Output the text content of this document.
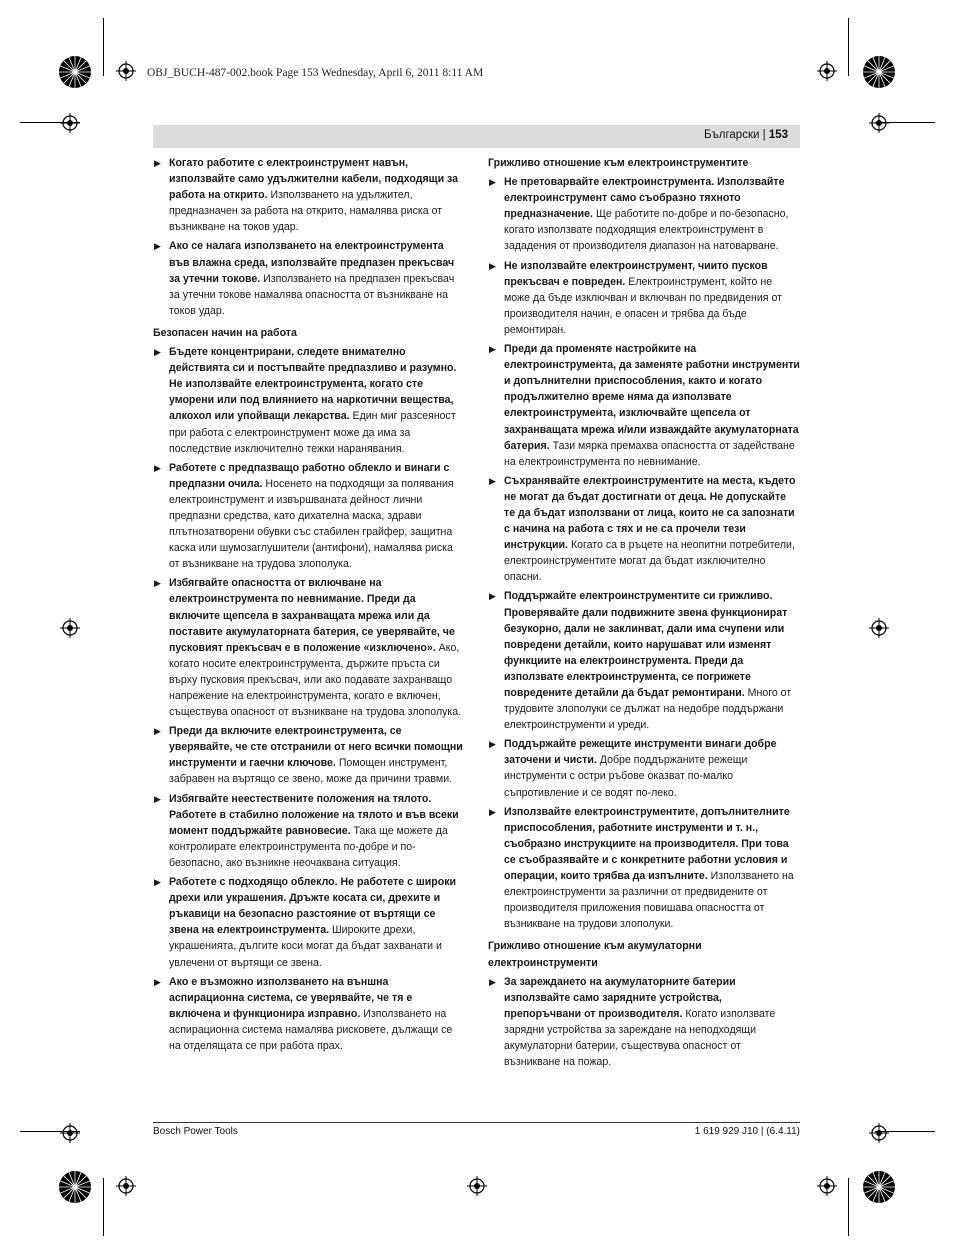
OBJ_BUCH-487-002.book Page 153 Wednesday, April 6, 2011 8:11 AM
Български | 153
▶ Когато работите с електроинструмент навън, използвайте само удължителни кабели, подходящи за работа на открито. Използването на удължител, предназначен за работа на открито, намалява риска от възникване на токов удар.
▶ Ако се налага използването на електроинструмента във влажна среда, използвайте предпазен прекъсвач за утечни токове. Използването на предпазен прекъсвач за утечни токове намалява опасността от възникване на токов удар.
Безопасен начин на работа
▶ Бъдете концентрирани, следете внимателно действията си и постъпвайте предпазливо и разумно. Не използвайте електроинструмента, когато сте уморени или под влиянието на наркотични вещества, алкохол или упойващи лекарства. Един миг разсеяност при работа с електроинструмент може да има за последствие изключително тежки наранявания.
▶ Работете с предпазващо работно облекло и винаги с предпазни очила. Носенето на подходящи за полявания електроинструмент и извършваната дейност лични предпазни средства, като дихателна маска, здрави плътнозатворени обувки със стабилен грайфер, защитна каска или шумозаглушители (антифони), намалява риска от възникване на трудова злополука.
▶ Избягвайте опасността от включване на електроинструмента по невнимание. Преди да включите щепсела в захранващата мрежа или да поставите акумулаторната батерия, се уверявайте, че пусковият прекъсвач е в положение «изключено». Ако, когато носите електроинструмента, държите пръста си върху пусковия прекъсвач, или ако подавате захранващо напрежение на електроинструмента, когато е включен, съществува опасност от възникване на трудова злополука.
▶ Преди да включите електроинструмента, се уверявайте, че сте отстранили от него всички помощни инструменти и гаечни ключове. Помощен инструмент, забравен на въртящо се звено, може да причини травми.
▶ Избягвайте неестествените положения на тялото. Работете в стабилно положение на тялото и във всеки момент поддържайте равновесие. Така ще можете да контролирате електроинструмента по-добре и по-безопасно, ако възникне неочаквана ситуация.
▶ Работете с подходящо облекло. Не работете с широки дрехи или украшения. Дръжте косата си, дрехите и ръкавици на безопасно разстояние от въртящи се звена на електроинструмента. Широките дрехи, украшенията, дългите коси могат да бъдат захванати и увлечени от въртящи се звена.
▶ Ако е възможно използването на външна аспирационна система, се уверявайте, че тя е включена и функционира изправно. Използването на аспирационна система намалява рисковете, дължащи се на отделящата се при работа прах.
Грижливо отношение към електроинструментите
▶ Не претоварвайте електроинструмента. Използвайте електроинструмент само съобразно тяхното предназначение. Ще работите по-добре и по-безопасно, когато използвате подходящия електроинструмент в зададения от производителя диапазон на натоварване.
▶ Не използвайте електроинструмент, чиито пусков прекъсвач е повреден. Електроинструмент, който не може да бъде изключван и включван по предвидения от производителя начин, е опасен и трябва да бъде ремонтиран.
▶ Преди да променяте настройките на електроинструмента, да заменяте работни инструменти и допълнителни приспособления, както и когато продължително време няма да използвате електроинструмента, изключвайте щепсела от захранващата мрежа и/или изваждайте акумулаторната батерия. Тази мярка премахва опасността от задействане на електроинструмента по невнимание.
▶ Съхранявайте електроинструментите на места, където не могат да бъдат достигнати от деца. Не допускайте те да бъдат използвани от лица, които не са запознати с начина на работа с тях и не са прочели тези инструкции. Когато са в ръцете на неопитни потребители, електроинструментите могат да бъдат изключително опасни.
▶ Поддържайте електроинструментите си грижливо. Проверявайте дали подвижните звена функционират безукорно, дали не заклинват, дали има счупени или повредени детайли, които нарушават или изменят функциите на електроинструмента. Преди да използвате електроинструмента, се погрижете повредените детайли да бъдат ремонтирани. Много от трудовите злополуки се дължат на недобре поддържани електроинструменти и уреди.
▶ Поддържайте режещите инструменти винаги добре заточени и чисти. Добре поддържаните режещи инструменти с остри ръбове оказват по-малко съпротивление и се водят по-леко.
▶ Използвайте електроинструментите, допълнителните приспособления, работните инструменти и т. н., съобразно инструкциите на производителя. При това се съобразявайте и с конкретните работни условия и операции, които трябва да изпълните. Използването на електроинструменти за различни от предвидените от производителя приложения повишава опасността от възникване на трудови злополуки.
Грижливо отношение към акумулаторни електроинструменти
▶ За зареждането на акумулаторните батерии използвайте само зарядните устройства, препоръчвани от производителя. Когато използвате зарядни устройства за зареждане на неподходящи акумулаторни батерии, съществува опасност от възникване на пожар.
Bosch Power Tools	1 619 929 J10 | (6.4.11)
